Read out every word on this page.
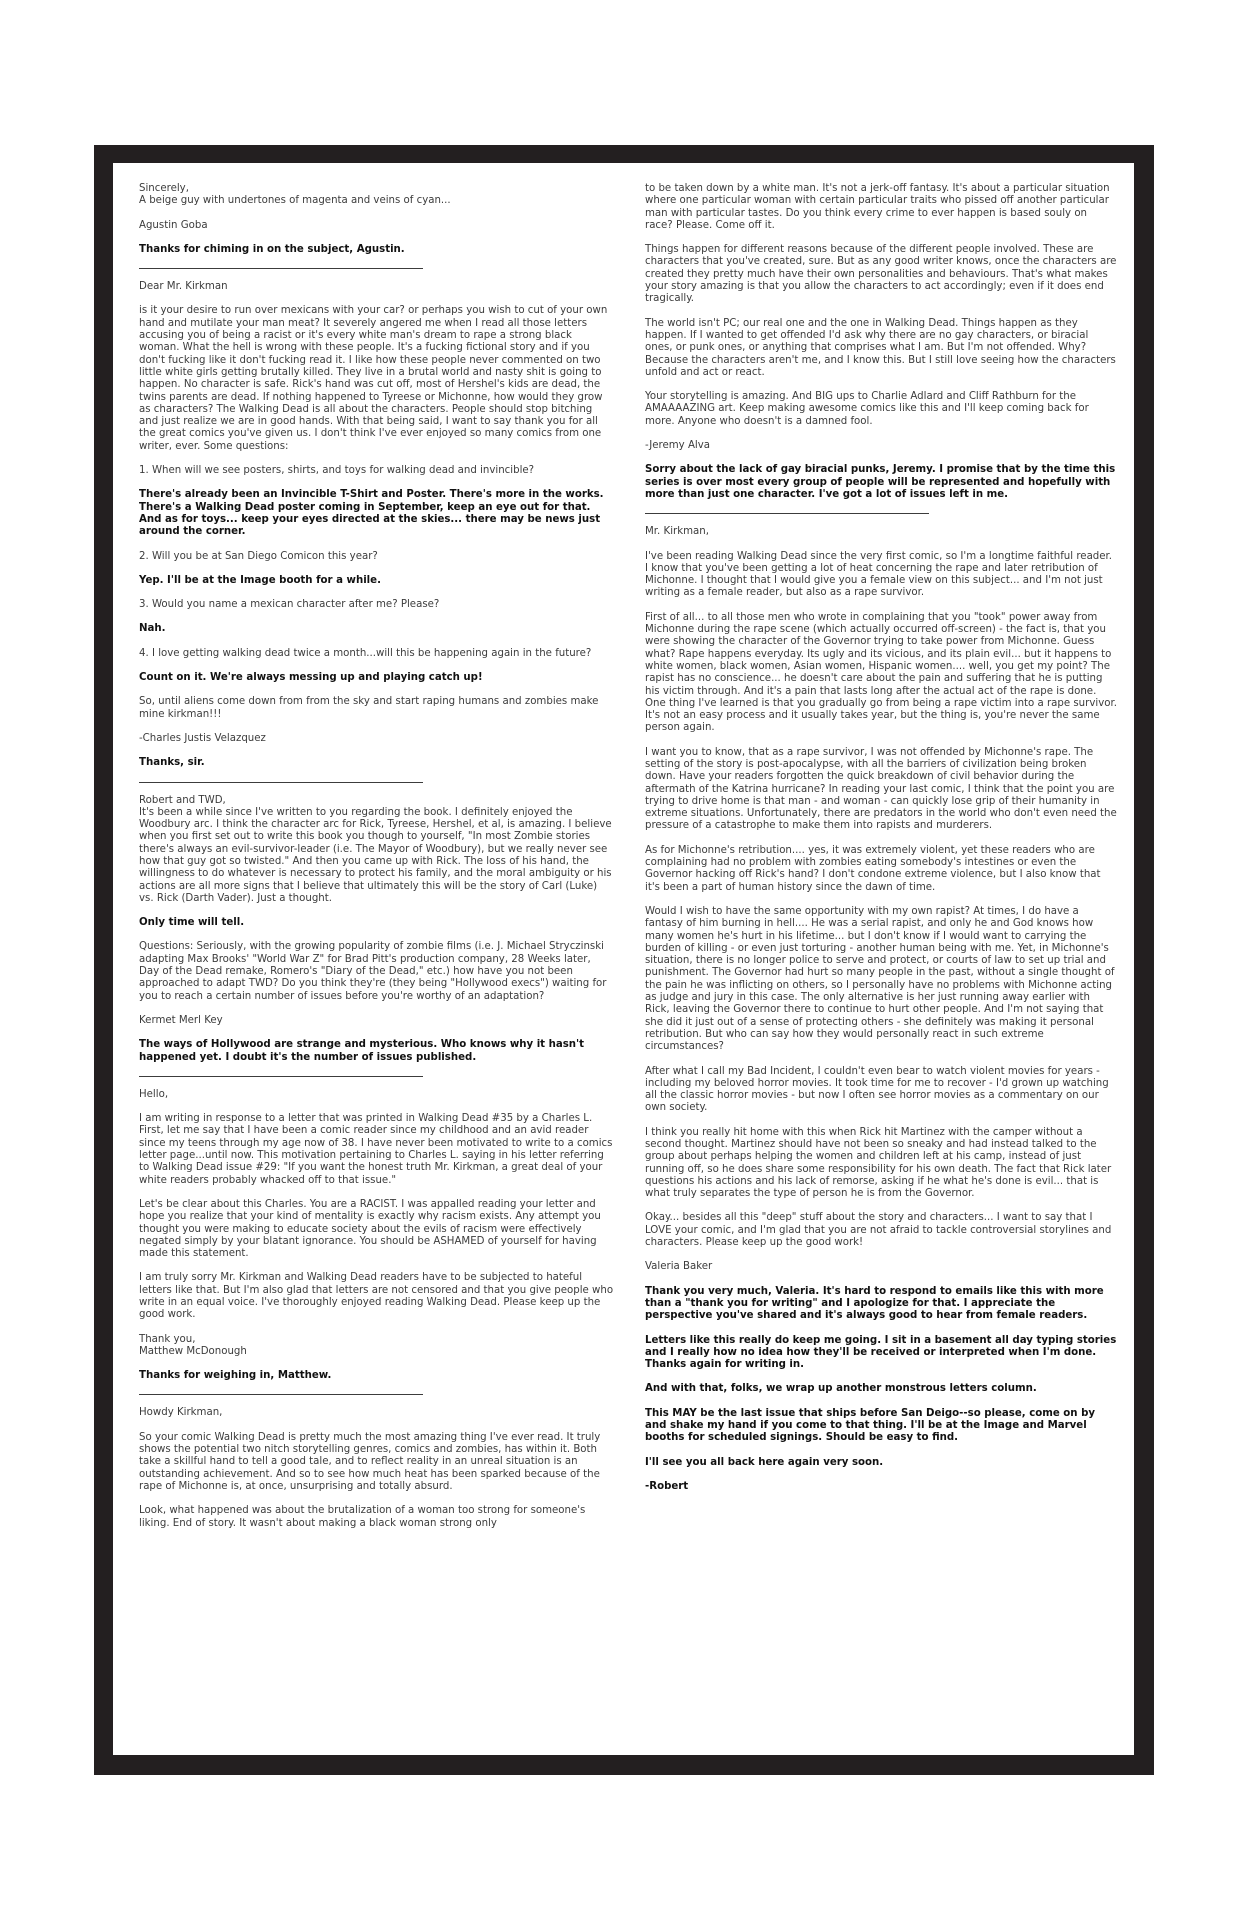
Sincerely,
A beige guy with undertones of magenta and veins of cyan...
Agustin Goba
Thanks for chiming in on the subject, Agustin.
Dear Mr. Kirkman
is it your desire to run over mexicans with your car? or perhaps you wish to cut of your own hand and mutilate your man meat? It severely angered me when I read all those letters accusing you of being a racist or it's every white man's dream to rape a strong black woman. What the hell is wrong with these people. It's a fucking fictional story and if you don't fucking like it don't fucking read it. I like how these people never commented on two little white girls getting brutally killed. They live in a brutal world and nasty shit is going to happen. No character is safe. Rick's hand was cut off, most of Hershel's kids are dead, the twins parents are dead. If nothing happened to Tyreese or Michonne, how would they grow as characters? The Walking Dead is all about the characters. People should stop bitching and just realize we are in good hands. With that being said, I want to say thank you for all the great comics you've given us. I don't think I've ever enjoyed so many comics from one writer, ever. Some questions:
1. When will we see posters, shirts, and toys for walking dead and invincible?
There's already been an Invincible T-Shirt and Poster. There's more in the works. There's a Walking Dead poster coming in September, keep an eye out for that. And as for toys... keep your eyes directed at the skies... there may be news just around the corner.
2. Will you be at San Diego Comicon this year?
Yep. I'll be at the Image booth for a while.
3. Would you name a mexican character after me? Please?
Nah.
4. I love getting walking dead twice a month...will this be happening again in the future?
Count on it. We're always messing up and playing catch up!
So, until aliens come down from from the sky and start raping humans and zombies make mine kirkman!!!
-Charles Justis Velazquez
Thanks, sir.
Robert and TWD,
It's been a while since I've written to you regarding the book. I definitely enjoyed the Woodbury arc. I think the character arc for Rick, Tyreese, Hershel, et al, is amazing. I believe when you first set out to write this book you though to yourself, "In most Zombie stories there's always an evil-survivor-leader (i.e. The Mayor of Woodbury), but we really never see how that guy got so twisted." And then you came up with Rick. The loss of his hand, the willingness to do whatever is necessary to protect his family, and the moral ambiguity or his actions are all more signs that I believe that ultimately this will be the story of Carl (Luke) vs. Rick (Darth Vader). Just a thought.
Only time will tell.
Questions: Seriously, with the growing popularity of zombie films (i.e. J. Michael Stryczinski adapting Max Brooks' "World War Z" for Brad Pitt's production company, 28 Weeks later, Day of the Dead remake, Romero's "Diary of the Dead," etc.) how have you not been approached to adapt TWD? Do you think they're (they being "Hollywood execs") waiting for you to reach a certain number of issues before you're worthy of an adaptation?
Kermet Merl Key
The ways of Hollywood are strange and mysterious. Who knows why it hasn't happened yet. I doubt it's the number of issues published.
Hello,
I am writing in response to a letter that was printed in Walking Dead #35 by a Charles L. First, let me say that I have been a comic reader since my childhood and an avid reader since my teens through my age now of 38. I have never been motivated to write to a comics letter page...until now. This motivation pertaining to Charles L. saying in his letter referring to Walking Dead issue #29: "If you want the honest truth Mr. Kirkman, a great deal of your white readers probably whacked off to that issue."
Let's be clear about this Charles. You are a RACIST. I was appalled reading your letter and hope you realize that your kind of mentality is exactly why racism exists. Any attempt you thought you were making to educate society about the evils of racism were effectively negated simply by your blatant ignorance. You should be ASHAMED of yourself for having made this statement.
I am truly sorry Mr. Kirkman and Walking Dead readers have to be subjected to hateful letters like that. But I'm also glad that letters are not censored and that you give people who write in an equal voice. I've thoroughly enjoyed reading Walking Dead. Please keep up the good work.
Thank you,
Matthew McDonough
Thanks for weighing in, Matthew.
Howdy Kirkman,
So your comic Walking Dead is pretty much the most amazing thing I've ever read. It truly shows the potential two nitch storytelling genres, comics and zombies, has within it. Both take a skillful hand to tell a good tale, and to reflect reality in an unreal situation is an outstanding achievement. And so to see how much heat has been sparked because of the rape of Michonne is, at once, unsurprising and totally absurd.
Look, what happened was about the brutalization of a woman too strong for someone's liking. End of story. It wasn't about making a black woman strong only
to be taken down by a white man. It's not a jerk-off fantasy. It's about a particular situation where one particular woman with certain particular traits who pissed off another particular man with particular tastes. Do you think every crime to ever happen is based souly on race? Please. Come off it.
Things happen for different reasons because of the different people involved. These are characters that you've created, sure. But as any good writer knows, once the characters are created they pretty much have their own personalities and behaviours. That's what makes your story amazing is that you allow the characters to act accordingly; even if it does end tragically.
The world isn't PC; our real one and the one in Walking Dead. Things happen as they happen. If I wanted to get offended I'd ask why there are no gay characters, or biracial ones, or punk ones, or anything that comprises what I am. But I'm not offended. Why? Because the characters aren't me, and I know this. But I still love seeing how the characters unfold and act or react.
Your storytelling is amazing. And BIG ups to Charlie Adlard and Cliff Rathburn for the AMAAAAZING art. Keep making awesome comics like this and I'll keep coming back for more. Anyone who doesn't is a damned fool.
-Jeremy Alva
Sorry about the lack of gay biracial punks, Jeremy. I promise that by the time this series is over most every group of people will be represented and hopefully with more than just one character. I've got a lot of issues left in me.
Mr. Kirkman,
I've been reading Walking Dead since the very first comic, so I'm a longtime faithful reader. I know that you've been getting a lot of heat concerning the rape and later retribution of Michonne. I thought that I would give you a female view on this subject... and I'm not just writing as a female reader, but also as a rape survivor.
First of all... to all those men who wrote in complaining that you "took" power away from Michonne during the rape scene (which actually occurred off-screen) - the fact is, that you were showing the character of the Governor trying to take power from Michonne. Guess what? Rape happens everyday. Its ugly and its vicious, and its plain evil... but it happens to white women, black women, Asian women, Hispanic women.... well, you get my point? The rapist has no conscience... he doesn't care about the pain and suffering that he is putting his victim through. And it's a pain that lasts long after the actual act of the rape is done. One thing I've learned is that you gradually go from being a rape victim into a rape survivor. It's not an easy process and it usually takes year, but the thing is, you're never the same person again.
I want you to know, that as a rape survivor, I was not offended by Michonne's rape. The setting of the story is post-apocalypse, with all the barriers of civilization being broken down. Have your readers forgotten the quick breakdown of civil behavior during the aftermath of the Katrina hurricane? In reading your last comic, I think that the point you are trying to drive home is that man - and woman - can quickly lose grip of their humanity in extreme situations. Unfortunately, there are predators in the world who don't even need the pressure of a catastrophe to make them into rapists and murderers.
As for Michonne's retribution.... yes, it was extremely violent, yet these readers who are complaining had no problem with zombies eating somebody's intestines or even the Governor hacking off Rick's hand? I don't condone extreme violence, but I also know that it's been a part of human history since the dawn of time.
Would I wish to have the same opportunity with my own rapist? At times, I do have a fantasy of him burning in hell.... He was a serial rapist, and only he and God knows how many women he's hurt in his lifetime... but I don't know if I would want to carrying the burden of killing - or even just torturing - another human being with me. Yet, in Michonne's situation, there is no longer police to serve and protect, or courts of law to set up trial and punishment. The Governor had hurt so many people in the past, without a single thought of the pain he was inflicting on others, so I personally have no problems with Michonne acting as judge and jury in this case. The only alternative is her just running away earlier with Rick, leaving the Governor there to continue to hurt other people. And I'm not saying that she did it just out of a sense of protecting others - she definitely was making it personal retribution. But who can say how they would personally react in such extreme circumstances?
After what I call my Bad Incident, I couldn't even bear to watch violent movies for years - including my beloved horror movies. It took time for me to recover - I'd grown up watching all the classic horror movies - but now I often see horror movies as a commentary on our own society.
I think you really hit home with this when Rick hit Martinez with the camper without a second thought. Martinez should have not been so sneaky and had instead talked to the group about perhaps helping the women and children left at his camp, instead of just running off, so he does share some responsibility for his own death. The fact that Rick later questions his actions and his lack of remorse, asking if he what he's done is evil... that is what truly separates the type of person he is from the Governor.
Okay... besides all this "deep" stuff about the story and characters... I want to say that I LOVE your comic, and I'm glad that you are not afraid to tackle controversial storylines and characters. Please keep up the good work!
Valeria Baker
Thank you very much, Valeria. It's hard to respond to emails like this with more than a "thank you for writing" and I apologize for that. I appreciate the perspective you've shared and it's always good to hear from female readers.
Letters like this really do keep me going. I sit in a basement all day typing stories and I really how no idea how they'll be received or interpreted when I'm done. Thanks again for writing in.
And with that, folks, we wrap up another monstrous letters column.
This MAY be the last issue that ships before San Deigo--so please, come on by and shake my hand if you come to that thing. I'll be at the Image and Marvel booths for scheduled signings. Should be easy to find.
I'll see you all back here again very soon.
-Robert
